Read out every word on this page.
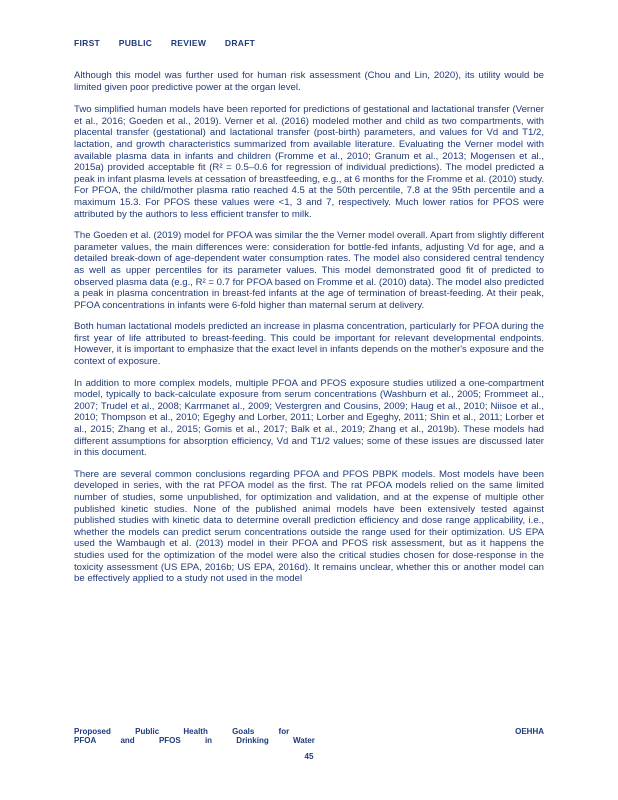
FIRST PUBLIC REVIEW DRAFT

Although this model was further used for human risk assessment (Chou and Lin, 2020), its utility would be limited given poor predictive power at the organ level.

Two simplified human models have been reported for predictions of gestational and lactational transfer (Verner et al., 2016; Goeden et al., 2019). Verner et al. (2016) modeled mother and child as two compartments, with placental transfer (gestational) and lactational transfer (post-birth) parameters, and values for Vd and T1/2, lactation, and growth characteristics summarized from available literature. Evaluating the Verner model with available plasma data in infants and children (Fromme et al., 2010; Granum et al., 2013; Mogensen et al., 2015a) provided acceptable fit (R² = 0.5–0.6 for regression of individual predictions). The model predicted a peak in infant plasma levels at cessation of breastfeeding, e.g., at 6 months for the Fromme et al. (2010) study. For PFOA, the child/mother plasma ratio reached 4.5 at the 50th percentile, 7.8 at the 95th percentile and a maximum 15.3. For PFOS these values were <1, 3 and 7, respectively. Much lower ratios for PFOS were attributed by the authors to less efficient transfer to milk.

The Goeden et al. (2019) model for PFOA was similar the the Verner model overall. Apart from slightly different parameter values, the main differences were: consideration for bottle-fed infants, adjusting Vd for age, and a detailed break-down of age-dependent water consumption rates. The model also considered central tendency as well as upper percentiles for its parameter values. This model demonstrated good fit of predicted to observed plasma data (e.g., R² = 0.7 for PFOA based on Fromme et al. (2010) data). The model also predicted a peak in plasma concentration in breast-fed infants at the age of termination of breast-feeding. At their peak, PFOA concentrations in infants were 6-fold higher than maternal serum at delivery.

Both human lactational models predicted an increase in plasma concentration, particularly for PFOA during the first year of life attributed to breast-feeding. This could be important for relevant developmental endpoints. However, it is important to emphasize that the exact level in infants depends on the mother's exposure and the context of exposure.

In addition to more complex models, multiple PFOA and PFOS exposure studies utilized a one-compartment model, typically to back-calculate exposure from serum concentrations (Washburn et al., 2005; Frommeet al., 2007; Trudel et al., 2008; Karrmanet al., 2009; Vestergren and Cousins, 2009; Haug et al., 2010; Niisoe et al., 2010; Thompson et al., 2010; Egeghy and Lorber, 2011; Lorber and Egeghy, 2011; Shin et al., 2011; Lorber et al., 2015; Zhang et al., 2015; Gomis et al., 2017; Balk et al., 2019; Zhang et al., 2019b). These models had different assumptions for absorption efficiency, Vd and T1/2 values; some of these issues are discussed later in this document.

There are several common conclusions regarding PFOA and PFOS PBPK models. Most models have been developed in series, with the rat PFOA model as the first. The rat PFOA models relied on the same limited number of studies, some unpublished, for optimization and validation, and at the expense of multiple other published kinetic studies. None of the published animal models have been extensively tested against published studies with kinetic data to determine overall prediction efficiency and dose range applicability, i.e., whether the models can predict serum concentrations outside the range used for their optimization. US EPA used the Wambaugh et al. (2013) model in their PFOA and PFOS risk assessment, but as it happens the studies used for the optimization of the model were also the critical studies chosen for dose-response in the toxicity assessment (US EPA, 2016b; US EPA, 2016d). It remains unclear, whether this or another model can be effectively applied to a study not used in the model

Proposed	Public	Health	Goals	for	OEHHA
PFOA	and	PFOS	in	Drinking	Water
45
